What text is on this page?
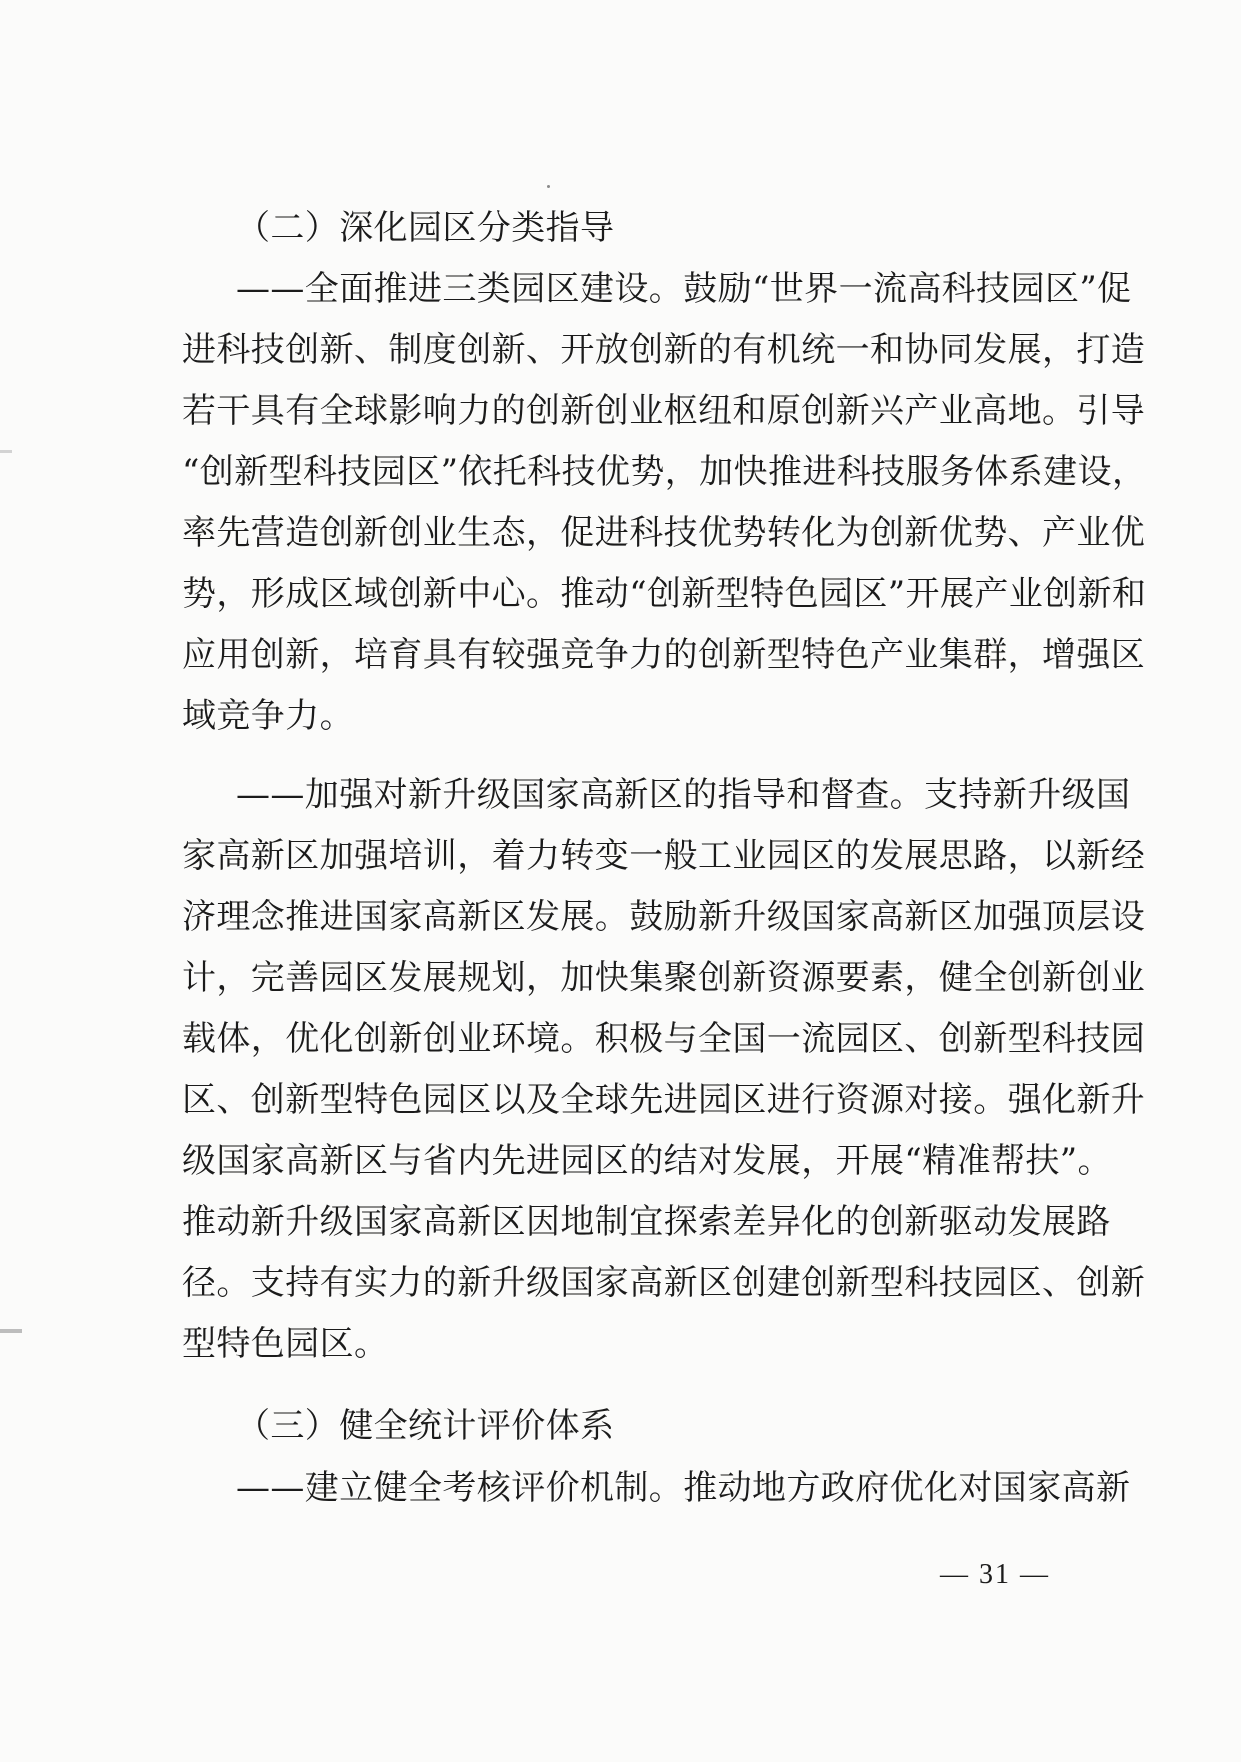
（二）深化园区分类指导
——全面推进三类园区建设。鼓励“世界一流高科技园区”促
进科技创新、制度创新、开放创新的有机统一和协同发展，打造
若干具有全球影响力的创新创业枢纽和原创新兴产业高地。引导
“创新型科技园区”依托科技优势，加快推进科技服务体系建设，
率先营造创新创业生态，促进科技优势转化为创新优势、产业优
势，形成区域创新中心。推动“创新型特色园区”开展产业创新和
应用创新，培育具有较强竞争力的创新型特色产业集群，增强区
域竞争力。
——加强对新升级国家高新区的指导和督查。支持新升级国
家高新区加强培训，着力转变一般工业园区的发展思路，以新经
济理念推进国家高新区发展。鼓励新升级国家高新区加强顶层设
计，完善园区发展规划，加快集聚创新资源要素，健全创新创业
载体，优化创新创业环境。积极与全国一流园区、创新型科技园
区、创新型特色园区以及全球先进园区进行资源对接。强化新升
级国家高新区与省内先进园区的结对发展，开展“精准帮扶”。
推动新升级国家高新区因地制宜探索差异化的创新驱动发展路
径。支持有实力的新升级国家高新区创建创新型科技园区、创新
型特色园区。
（三）健全统计评价体系
——建立健全考核评价机制。推动地方政府优化对国家高新
— 31 —
